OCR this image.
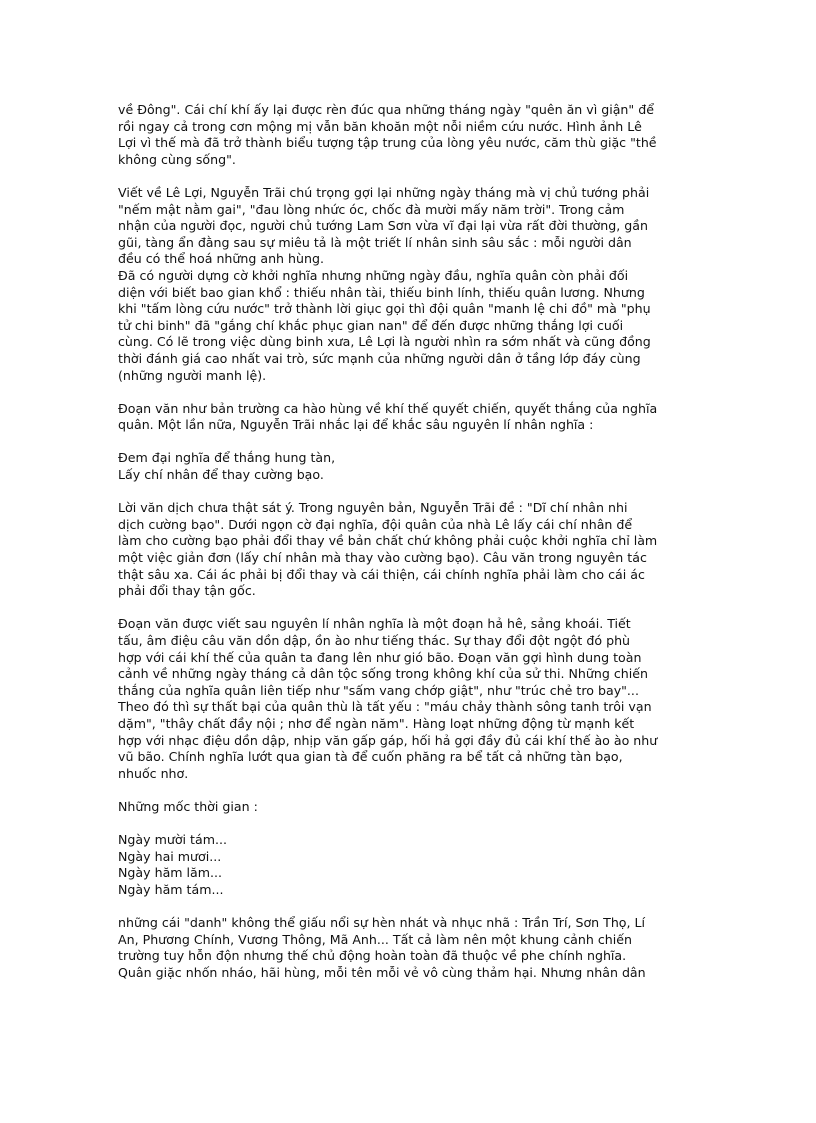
về Đông". Cái chí khí ấy lại được rèn đúc qua những tháng ngày "quên ăn vì giận" để
rồi ngay cả trong cơn mộng mị vẫn băn khoăn một nỗi niềm cứu nước. Hình ảnh Lê
Lợi vì thế mà đã trở thành biểu tượng tập trung của lòng yêu nước, căm thù giặc "thề
không cùng sống".
Viết về Lê Lợi, Nguyễn Trãi chú trọng gợi lại những ngày tháng mà vị chủ tướng phải
"nếm mật nằm gai", "đau lòng nhức óc, chốc đà mười mấy năm trời". Trong cảm
nhận của người đọc, người chủ tướng Lam Sơn vừa vĩ đại lại vừa rất đời thường, gần
gũi, tàng ẩn đằng sau sự miêu tả là một triết lí nhân sinh sâu sắc : mỗi người dân
đều có thể hoá những anh hùng.
Đã có người dựng cờ khởi nghĩa nhưng những ngày đầu, nghĩa quân còn phải đối
diện với biết bao gian khổ : thiếu nhân tài, thiếu binh lính, thiếu quân lương. Nhưng
khi "tấm lòng cứu nước" trở thành lời giục gọi thì đội quân "manh lệ chi đồ" mà "phụ
tử chi binh" đã "gắng chí khắc phục gian nan" để đến được những thắng lợi cuối
cùng. Có lẽ trong việc dùng binh xưa, Lê Lợi là người nhìn ra sớm nhất và cũng đồng
thời đánh giá cao nhất vai trò, sức mạnh của những người dân ở tầng lớp đáy cùng
(những người manh lệ).
Đoạn văn như bản trường ca hào hùng về khí thế quyết chiến, quyết thắng của nghĩa
quân. Một lần nữa, Nguyễn Trãi nhắc lại để khắc sâu nguyên lí nhân nghĩa :
Đem đại nghĩa để thắng hung tàn,
Lấy chí nhân để thay cường bạo.
Lời văn dịch chưa thật sát ý. Trong nguyên bản, Nguyễn Trãi đề : "Dĩ chí nhân nhi
dịch cường bạo". Dưới ngọn cờ đại nghĩa, đội quân của nhà Lê lấy cái chí nhân để
làm cho cường bạo phải đổi thay về bản chất chứ không phải cuộc khởi nghĩa chỉ làm
một việc giản đơn (lấy chí nhân mà thay vào cường bạo). Câu văn trong nguyên tác
thật sâu xa. Cái ác phải bị đổi thay và cái thiện, cái chính nghĩa phải làm cho cái ác
phải đổi thay tận gốc.
Đoạn văn được viết sau nguyên lí nhân nghĩa là một đoạn hả hê, sảng khoái. Tiết
tấu, âm điệu câu văn dồn dập, ồn ào như tiếng thác. Sự thay đổi đột ngột đó phù
hợp với cái khí thế của quân ta đang lên như gió bão. Đoạn văn gợi hình dung toàn
cảnh về những ngày tháng cả dân tộc sống trong không khí của sử thi. Những chiến
thắng của nghĩa quân liên tiếp như "sấm vang chớp giật", như "trúc chẻ tro bay"...
Theo đó thì sự thất bại của quân thù là tất yếu : "máu chảy thành sông tanh trôi vạn
dặm", "thây chất đầy nội ; nhơ để ngàn năm". Hàng loạt những động từ mạnh kết
hợp với nhạc điệu dồn dập, nhịp văn gấp gáp, hối hả gợi đầy đủ cái khí thế ào ào như
vũ bão. Chính nghĩa lướt qua gian tà để cuốn phăng ra bể tất cả những tàn bạo,
nhuốc nhơ.
Những mốc thời gian :
Ngày mười tám...
Ngày hai mươi...
Ngày hăm lăm...
Ngày hăm tám...
những cái "danh" không thể giấu nổi sự hèn nhát và nhục nhã : Trần Trí, Sơn Thọ, Lí
An, Phương Chính, Vương Thông, Mã Anh... Tất cả làm nên một khung cảnh chiến
trường tuy hỗn độn nhưng thế chủ động hoàn toàn đã thuộc về phe chính nghĩa.
Quân giặc nhốn nháo, hãi hùng, mỗi tên mỗi vẻ vô cùng thảm hại. Nhưng nhân dân
